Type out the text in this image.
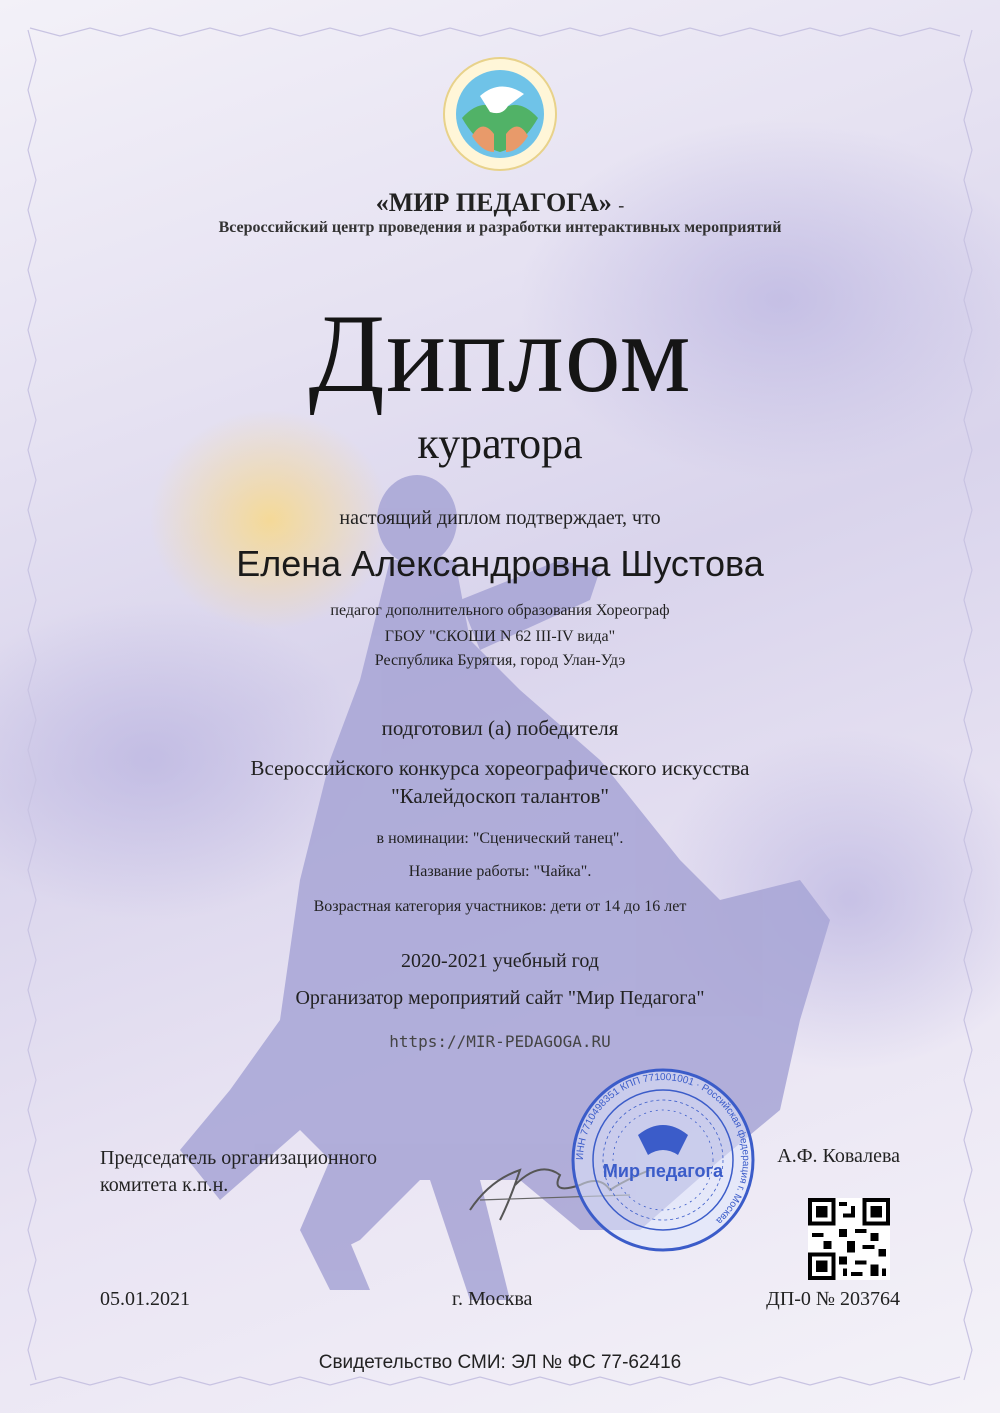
«МИР ПЕДАГОГА» -
Всероссийский центр проведения и разработки интерактивных мероприятий
Диплом
куратора
настоящий диплом подтверждает, что
Елена Александровна Шустова
педагог дополнительного образования Хореограф
ГБОУ "СКОШИ N 62 III-IV вида"
Республика Бурятия, город Улан-Удэ
подготовил (а) победителя
Всероссийского конкурса хореографического искусства
"Калейдоскоп талантов"
в номинации: "Сценический танец".
Название работы: "Чайка".
Возрастная категория участников: дети от 14 до 16 лет
2020-2021 учебный год
Организатор мероприятий сайт "Мир Педагога"
https://MIR-PEDAGOGA.RU
Мир педагога
ИНН 7710498351 КПП 771001001 · Российская федерация г. Москва
Председатель организационного
комитета к.п.н.
А.Ф. Ковалева
05.01.2021	г. Москва	ДП-0 № 203764
Свидетельство СМИ: ЭЛ № ФС 77-62416
